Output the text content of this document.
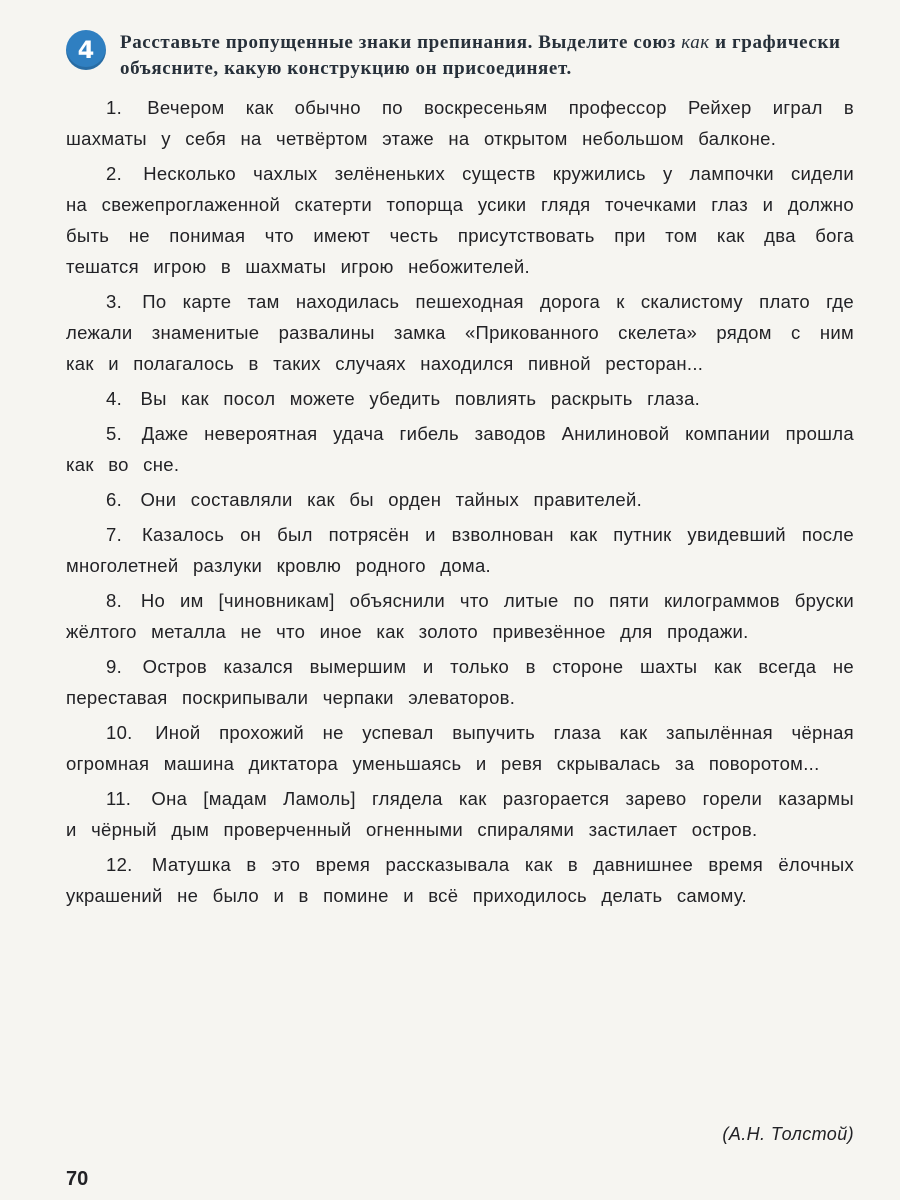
4	Расставьте пропущенные знаки препинания. Выделите союз как и графически объясните, какую конструкцию он присоединяет.

1. Вечером как обычно по воскресеньям профессор Рейхер играл в шахматы у себя на четвёртом этаже на открытом небольшом балконе.

2. Несколько чахлых зелёненьких существ кружились у лампочки сидели на свежепроглаженной скатерти топорща усики глядя точечками глаз и должно быть не понимая что имеют честь присутствовать при том как два бога тешатся игрою в шахматы игрою небожителей.

3. По карте там находилась пешеходная дорога к скалистому плато где лежали знаменитые развалины замка «Прикованного скелета» рядом с ним как и полагалось в таких случаях находился пивной ресторан...

4. Вы как посол можете убедить повлиять раскрыть глаза.

5. Даже невероятная удача гибель заводов Анилиновой компании прошла как во сне.

6. Они составляли как бы орден тайных правителей.

7. Казалось он был потрясён и взволнован как путник увидевший после многолетней разлуки кровлю родного дома.

8. Но им [чиновникам] объяснили что литые по пяти килограммов бруски жёлтого металла не что иное как золото привезённое для продажи.

9. Остров казался вымершим и только в стороне шахты как всегда не переставая поскрипывали черпаки элеваторов.

10. Иной прохожий не успевал выпучить глаза как запылённая чёрная огромная машина диктатора уменьшаясь и ревя скрывалась за поворотом...

11. Она [мадам Ламоль] глядела как разгорается зарево горели казармы и чёрный дым проверченный огненными спиралями застилает остров.

12. Матушка в это время рассказывала как в давнишнее время ёлочных украшений не было и в помине и всё приходилось делать самому.

(А.Н. Толстой)
70
